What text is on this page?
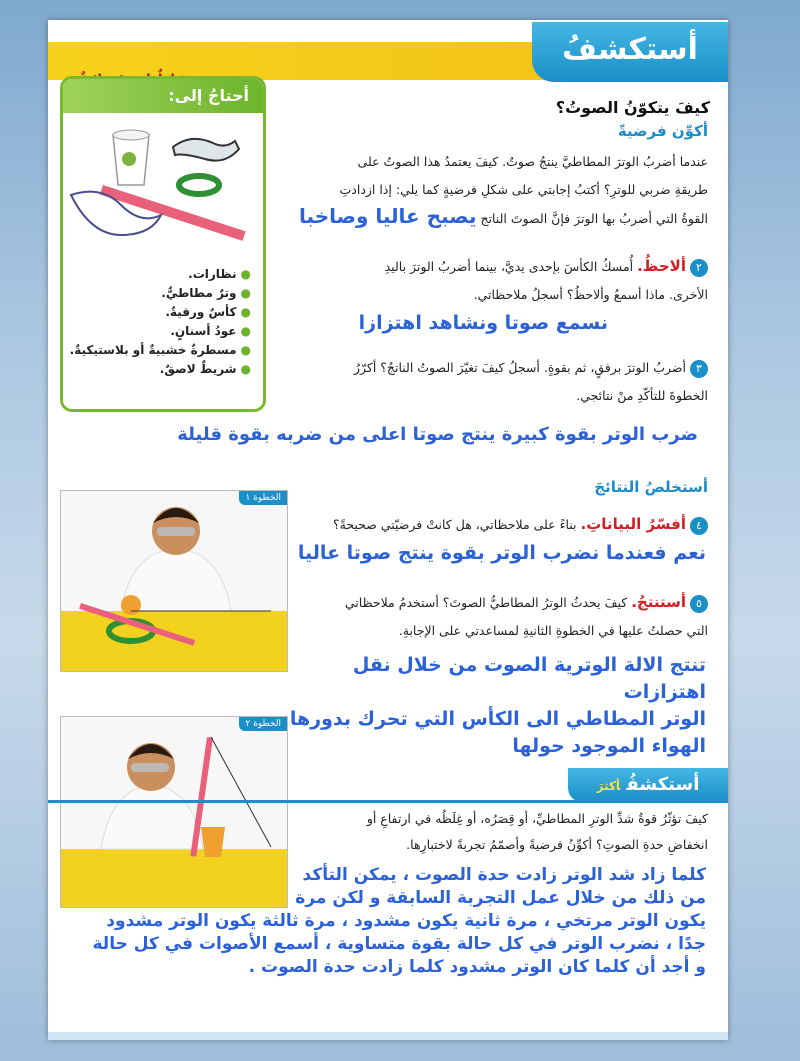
أستكشفُ
كيفَ يتكوّنُ الصوتُ؟
أحتاجُ إلى:
●نظارات.
●وترٌ مطاطيٌّ.
●كأسٌ ورقيةٌ.
●عودُ أسنانٍ.
●مسطرةٌ خشبيةٌ أو بلاستيكيةٌ.
●شريطٌ لاصقٌ.
أكوِّن فرضيةً
عندما أضربُ الوترَ المطاطيَّ ينتجُ صوتٌ. كيفَ يعتمدُ هذا الصوتُ على
طريقةِ ضربي للوترِ؟ أكتبُ إجابتي على شكلِ فرضيةٍ كما يلي: إذا ازدادتِ
القوةُ التي أضربُ بها الوترَ فإنَّ الصوتَ الناتج يصبح عاليا وصاخبا
٢ألاحظُ. أُمسكُ الكأسَ بإحدى يديَّ، بينما أضربُ الوترَ باليدِ
الأخرى. ماذا أسمعُ وألاحظُ؟ أسجلُ ملاحظاتي.
نسمع صوتا ونشاهد اهتزازا
٣أضربُ الوترَ برفقٍ، ثم بقوةٍ. أسجلُ كيفَ تغيّرَ الصوتُ الناتجُ؟ أكرّرُ
الخطوةَ للتأكّدِ منْ نتائجي.
ضرب الوتر بقوة كبيرة ينتج صوتا اعلى من ضربه بقوة قليلة
أستخلصُ النتائجَ
الخطوة ١
٤أفسّرُ البياناتِ. بناءً على ملاحظاتي، هل كانتْ فرضيّتي صحيحةً؟
نعم فعندما نضرب الوتر بقوة ينتج صوتا عاليا
٥أستنتجُ. كيفَ يحدثُ الوترُ المطاطيُّ الصوتَ؟ أستخدمُ ملاحظاتي
التي حصلتُ عليها في الخطوةِ الثانيةِ لمساعدتي على الإجابةِ.
تنتج الالة الوترية الصوت من خلال نقل اهتزازات
الوتر المطاطي الى الكأس التي تحرك بدورها
الهواء الموجود حولها
الخطوة ٢
أستكشفُأكثرَ
كيفَ تؤثّرُ قوةُ شدِّ الوترِ المطاطيِّ، أو قِصَرُه، أو غِلَظُه في ارتفاعِ أو
انخفاضِ حدةِ الصوتِ؟ أكوِّنُ فرضيةً وأصمّمُ تجربةً لاختبارِها.
كلما زاد شد الوتر زادت حدة الصوت ، يمكن التأكد
من ذلك من خلال عمل التجربة السابقة و لكن مرة
يكون الوتر مرتخي ، مرة ثانية يكون مشدود ، مرة ثالثة يكون الوتر مشدود
جدًا ، نضرب الوتر في كل حالة بقوة متساوية ، أسمع الأصوات في كل حالة
و أجد أن كلما كان الوتر مشدود كلما زادت حدة الصوت .
